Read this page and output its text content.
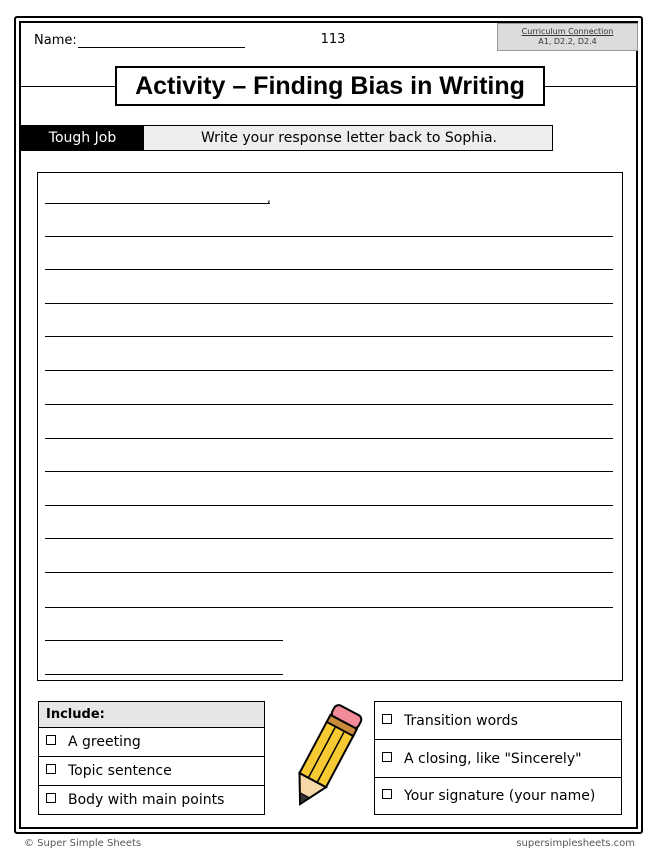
Name:	113
Curriculum Connection
A1, D2.2, D2.4
Activity – Finding Bias in Writing
Tough Job	Write your response letter back to Sophia.
,
Include:
A greeting
Topic sentence
Body with main points
Transition words
A closing, like "Sincerely"
Your signature (your name)
© Super Simple Sheets	supersimplesheets.com
